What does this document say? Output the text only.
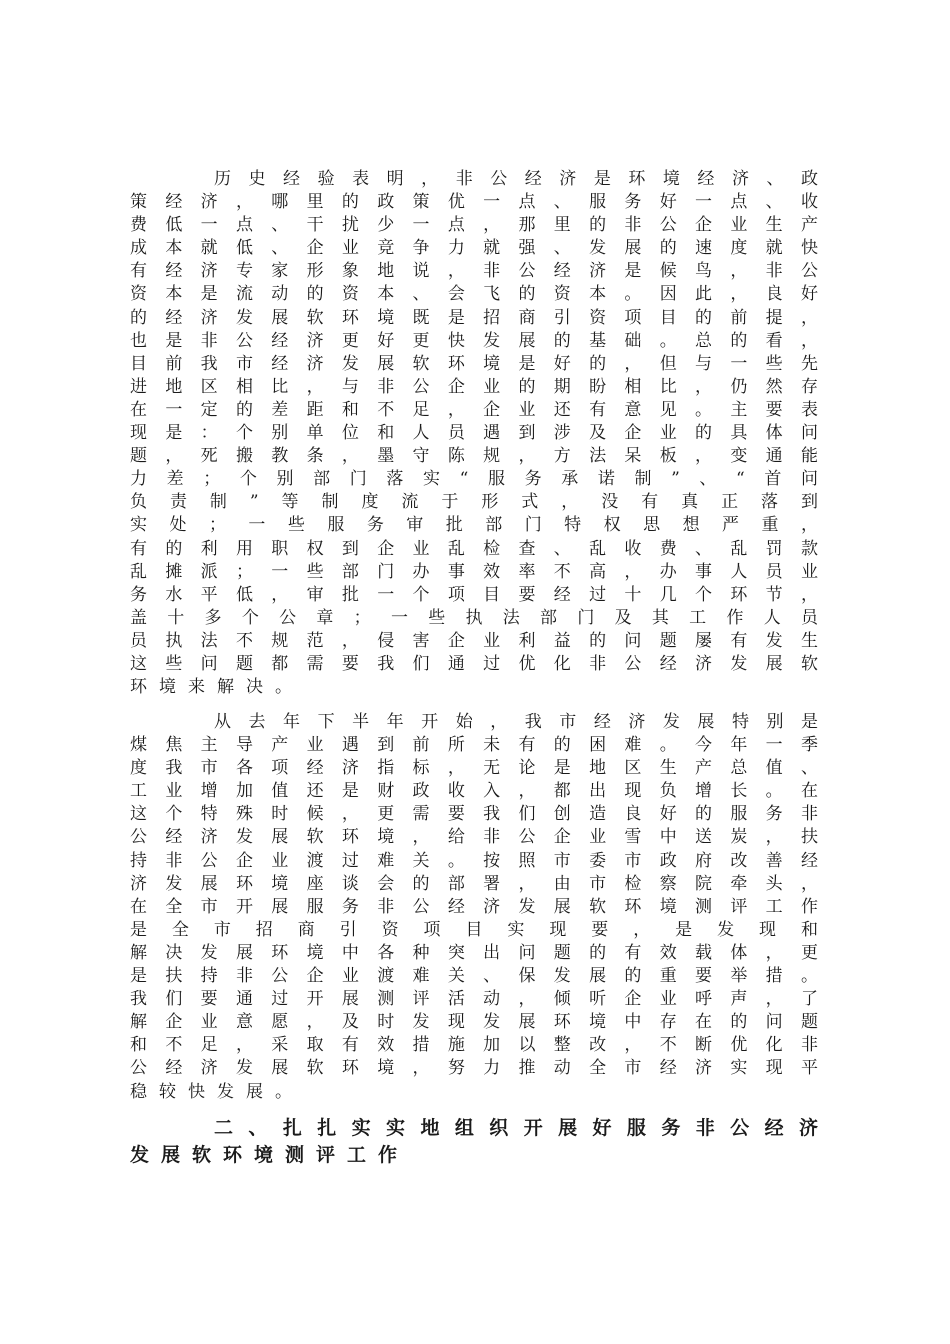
历史经验表明，非公经济是环境经济、政
策经济，哪里的政策优一点、服务好一点、收
费低一点、干扰少一点，那里的非公企业生产
成本就低、企业竞争力就强、发展的速度就快
有经济专家形象地说，非公经济是候鸟，非公
资本是流动的资本、会飞的资本。因此，良好
的经济发展软环境既是招商引资项目的前提，
也是非公经济更好更快发展的基础。总的看，
目前我市经济发展软环境是好的，但与一些先
进地区相比，与非公企业的期盼相比，仍然存
在一定的差距和不足，企业还有意见。主要表
现是：个别单位和人员遇到涉及企业的具体问
题，死搬教条，墨守陈规，方法呆板，变通能
力差；个别部门落实“服务承诺制”、“首问
负责制”等制度流于形式，没有真正落到
实处；一些服务审批部门特权思想严重，
有的利用职权到企业乱检查、乱收费、乱罚款
乱摊派；一些部门办事效率不高，办事人员业
务水平低，审批一个项目要经过十几个环节，
盖十多个公章；一些执法部门及其工作人员
员执法不规范，侵害企业利益的问题屡有发生
这些问题都需要我们通过优化非公经济发展软
环境来解决。
从去年下半年开始，我市经济发展特别是
煤焦主导产业遇到前所未有的困难。今年一季
度我市各项经济指标，无论是地区生产总值、
工业增加值还是财政收入，都出现负增长。在
这个特殊时候，更需要我们创造良好的服务非
公经济发展软环境，给非公企业雪中送炭，扶
持非公企业渡过难关。按照市委市政府改善经
济发展环境座谈会的部署，由市检察院牵头，
在全市开展服务非公经济发展软环境测评工作
是全市招商引资项目实现要，是发现和
解决发展环境中各种突出问题的有效载体，更
是扶持非公企业渡难关、保发展的重要举措。
我们要通过开展测评活动，倾听企业呼声，了
解企业意愿，及时发现发展环境中存在的问题
和不足，采取有效措施加以整改，不断优化非
公经济发展软环境，努力推动全市经济实现平
稳较快发展。
二、扎扎实实地组织开展好服务非公经济
发展软环境测评工作
